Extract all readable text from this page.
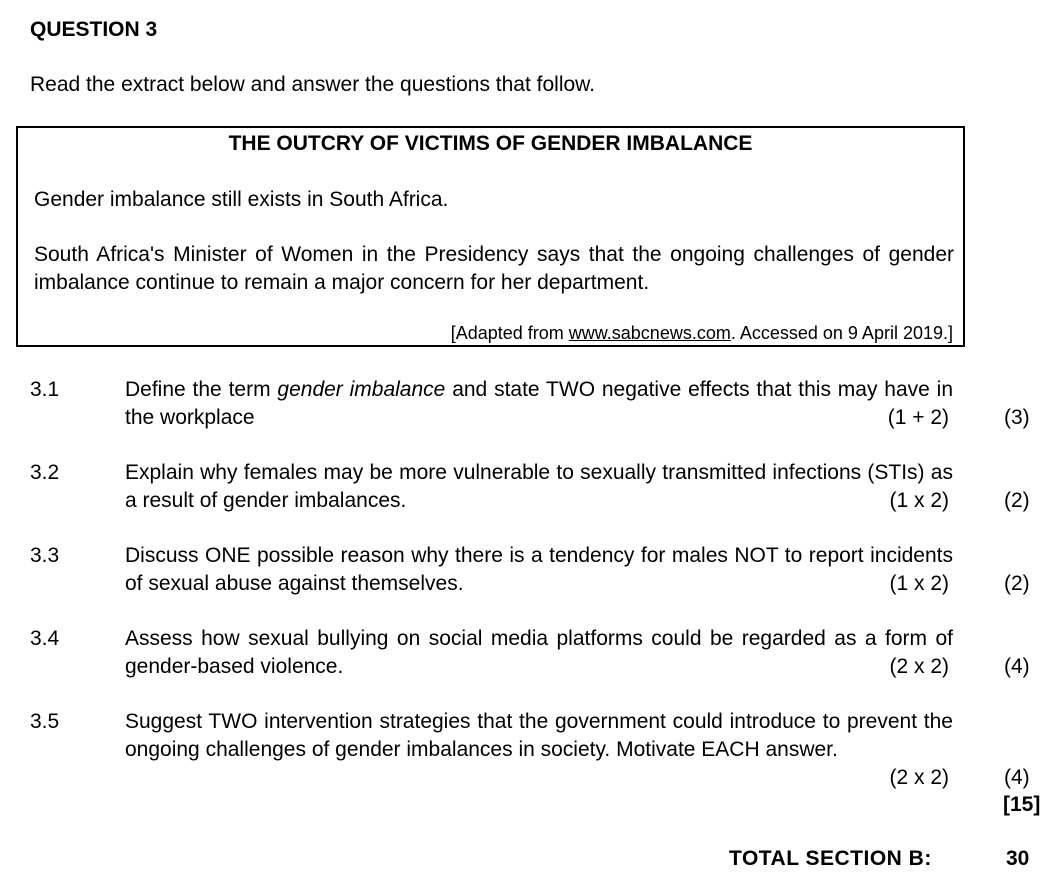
QUESTION 3
Read the extract below and answer the questions that follow.
THE OUTCRY OF VICTIMS OF GENDER IMBALANCE
Gender imbalance still exists in South Africa.
South Africa's Minister of Women in the Presidency says that the ongoing challenges of gender imbalance continue to remain a major concern for her department.
[Adapted from www.sabcnews.com. Accessed on 9 April 2019.]
3.1	Define the term gender imbalance and state TWO negative effects that this may have in the workplace	(1 + 2)	(3)
3.2	Explain why females may be more vulnerable to sexually transmitted infections (STIs) as a result of gender imbalances.	(1 x 2)	(2)
3.3	Discuss ONE possible reason why there is a tendency for males NOT to report incidents of sexual abuse against themselves.	(1 x 2)	(2)
3.4	Assess how sexual bullying on social media platforms could be regarded as a form of gender-based violence.	(2 x 2)	(4)
3.5	Suggest TWO intervention strategies that the government could introduce to prevent the ongoing challenges of gender imbalances in society. Motivate EACH answer.
(2 x 2)	(4)
[15]
TOTAL SECTION B:	30
